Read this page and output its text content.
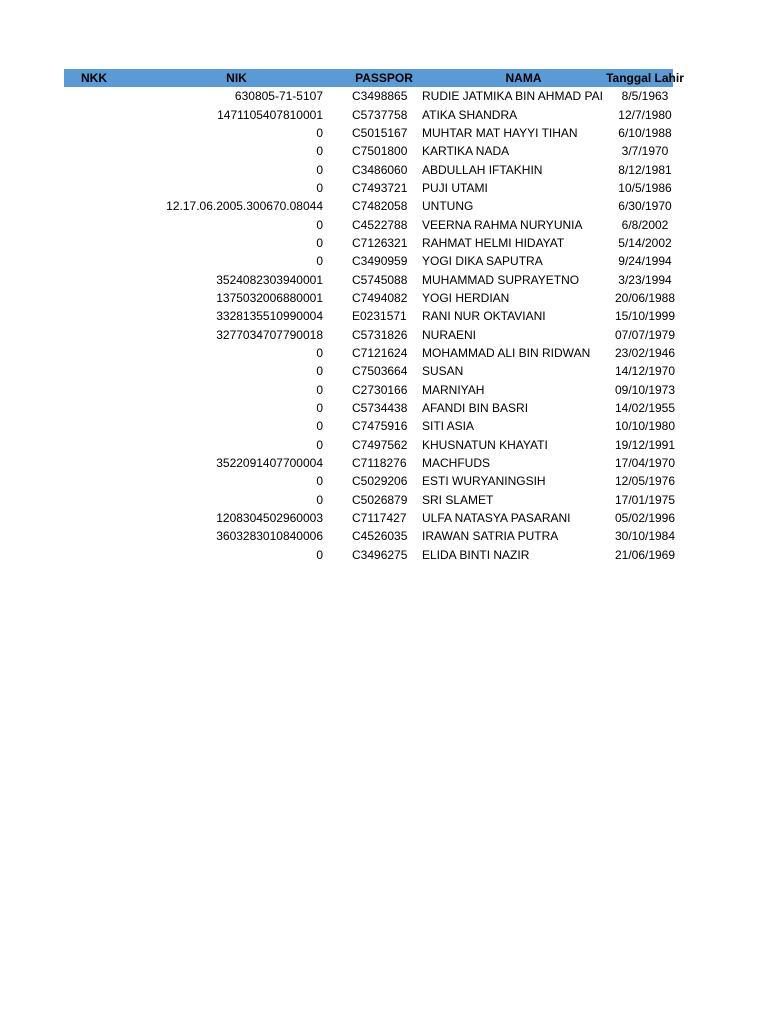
NKK	NIK	PASSPOR	NAMA	Tanggal Lahir
	630805-71-5107	C3498865	RUDIE JATMIKA BIN AHMAD PAI	8/5/1963
	1471105407810001	C5737758	ATIKA SHANDRA	12/7/1980
	0	C5015167	MUHTAR MAT HAYYI TIHAN	6/10/1988
	0	C7501800	KARTIKA NADA	3/7/1970
	0	C3486060	ABDULLAH IFTAKHIN	8/12/1981
	0	C7493721	PUJI UTAMI	10/5/1986
	12.17.06.2005.300670.08044	C7482058	UNTUNG	6/30/1970
	0	C4522788	VEERNA RAHMA NURYUNIA	6/8/2002
	0	C7126321	RAHMAT HELMI HIDAYAT	5/14/2002
	0	C3490959	YOGI DIKA SAPUTRA	9/24/1994
	3524082303940001	C5745088	MUHAMMAD SUPRAYETNO	3/23/1994
	1375032006880001	C7494082	YOGI HERDIAN	20/06/1988
	3328135510990004	E0231571	RANI NUR OKTAVIANI	15/10/1999
	3277034707790018	C5731826	NURAENI	07/07/1979
	0	C7121624	MOHAMMAD ALI BIN RIDWAN	23/02/1946
	0	C7503664	SUSAN	14/12/1970
	0	C2730166	MARNIYAH	09/10/1973
	0	C5734438	AFANDI BIN BASRI	14/02/1955
	0	C7475916	SITI ASIA	10/10/1980
	0	C7497562	KHUSNATUN KHAYATI	19/12/1991
	3522091407700004	C7118276	MACHFUDS	17/04/1970
	0	C5029206	ESTI WURYANINGSIH	12/05/1976
	0	C5026879	SRI SLAMET	17/01/1975
	1208304502960003	C7117427	ULFA NATASYA PASARANI	05/02/1996
	3603283010840006	C4526035	IRAWAN SATRIA PUTRA	30/10/1984
	0	C3496275	ELIDA BINTI NAZIR	21/06/1969
